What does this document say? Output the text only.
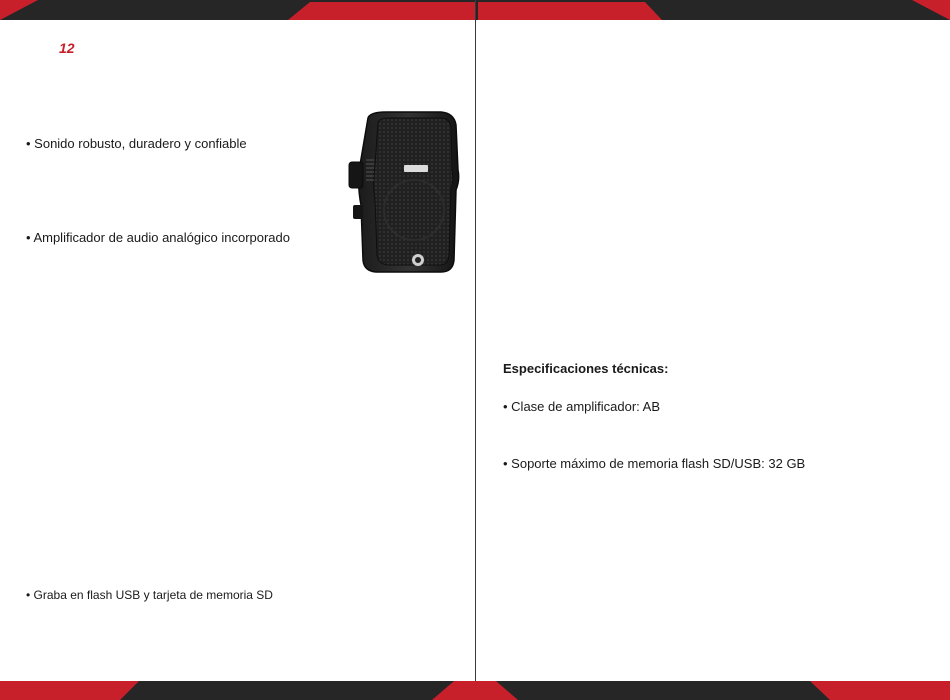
12
• Sonido robusto, duradero y confiable
• Amplificador de audio analógico incorporado
• Graba en flash USB y tarjeta de memoria SD
Especificaciones técnicas:
• Clase de amplificador: AB
• Soporte máximo de memoria flash SD/USB: 32 GB
